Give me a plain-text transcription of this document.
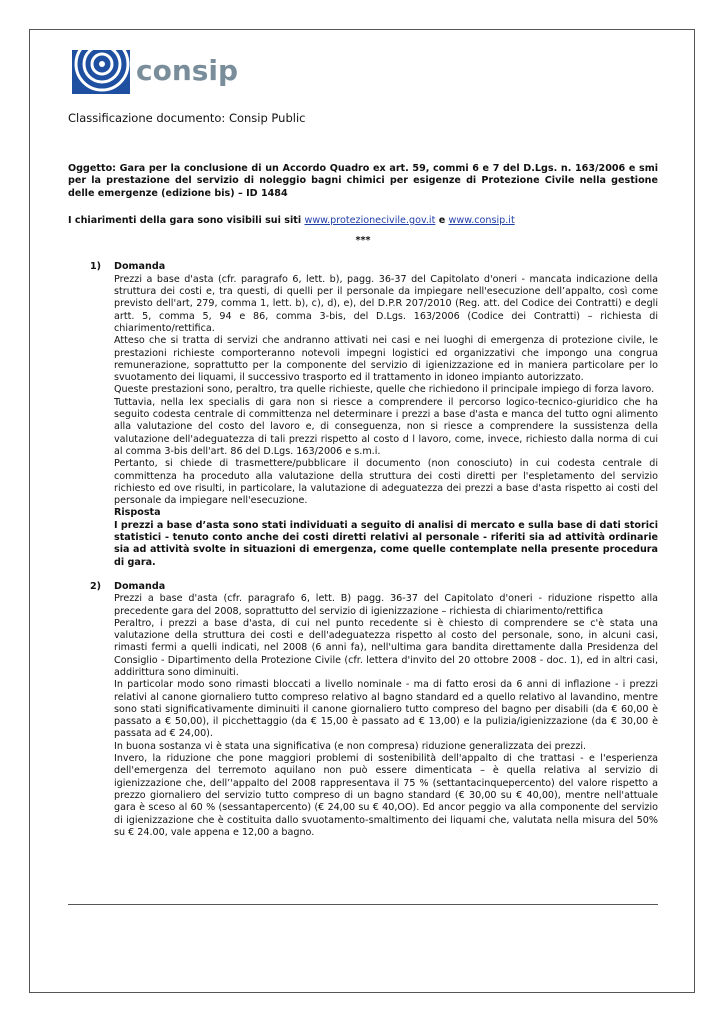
consip
Classificazione documento: Consip Public

Oggetto: Gara per la conclusione di un Accordo Quadro ex art. 59, commi 6 e 7 del D.Lgs. n. 163/2006 e smi per la prestazione del servizio di noleggio bagni chimici per esigenze di Protezione Civile nella gestione delle emergenze (edizione bis) – ID 1484

I chiarimenti della gara sono visibili sui siti www.protezionecivile.gov.it e www.consip.it

***

1) Domanda

Prezzi a base d'asta (cfr. paragrafo 6, lett. b), pagg. 36-37 del Capitolato d'oneri - mancata indicazione della struttura dei costi e, tra questi, di quelli per il personale da impiegare nell'esecuzione dell’appalto, così come previsto dell'art, 279, comma 1, lett. b), c), d), e), del D.P.R 207/2010 (Reg. att. del Codice dei Contratti) e degli artt. 5, comma 5, 94 e 86, comma 3-bis, del D.Lgs. 163/2006 (Codice dei Contratti) – richiesta di chiarimento/rettifica.

Atteso che si tratta di servizi che andranno attivati nei casi e nei luoghi di emergenza di protezione civile, le prestazioni richieste comporteranno notevoli impegni logistici ed organizzativi che impongo una congrua remunerazione, soprattutto per la componente del servizio di igienizzazione ed in maniera particolare per lo svuotamento dei liquami, il successivo trasporto ed il trattamento in idoneo impianto autorizzato.

Queste prestazioni sono, peraltro, tra quelle richieste, quelle che richiedono il principale impiego di forza lavoro.

Tuttavia, nella lex specialis di gara non si riesce a comprendere il percorso logico-tecnico-giuridico che ha seguito codesta centrale di committenza nel determinare i prezzi a base d'asta e manca del tutto ogni alimento alla valutazione del costo del lavoro e, di conseguenza, non si riesce a comprendere la sussistenza della valutazione dell'adeguatezza di tali prezzi rispetto al costo d l lavoro, come, invece, richiesto dalla norma di cui al comma 3-bis dell'art. 86 del D.Lgs. 163/2006 e s.m.i.

Pertanto, si chiede di trasmettere/pubblicare il documento (non conosciuto) in cui codesta centrale di committenza ha proceduto alla valutazione della struttura dei costi diretti per l'espletamento del servizio richiesto ed ove risulti, in particolare, la valutazione di adeguatezza dei prezzi a base d'asta rispetto ai costi del personale da impiegare nell'esecuzione.

Risposta

I prezzi a base d’asta sono stati individuati a seguito di analisi di mercato e sulla base di dati storici statistici - tenuto conto anche dei costi diretti relativi al personale - riferiti sia ad attività ordinarie sia ad attività svolte in situazioni di emergenza, come quelle contemplate nella presente procedura di gara.

2) Domanda

Prezzi a base d'asta (cfr. paragrafo 6, lett. B) pagg. 36-37 del Capitolato d'oneri - riduzione rispetto alla precedente gara del 2008, soprattutto del servizio di igienizzazione – richiesta di chiarimento/rettifica

Peraltro, i prezzi a base d'asta, di cui nel punto recedente si è chiesto di comprendere se c'è stata una valutazione della struttura dei costi e dell'adeguatezza rispetto al costo del personale, sono, in alcuni casi, rimasti fermi a quelli indicati, nel 2008 (6 anni fa), nell'ultima gara bandita direttamente dalla Presidenza del Consiglio - Dipartimento della Protezione Civile (cfr. lettera d'invito del 20 ottobre 2008 - doc. 1), ed in altri casi, addirittura sono diminuiti.

In particolar modo sono rimasti bloccati a livello nominale - ma di fatto erosi da 6 anni di inflazione - i prezzi relativi al canone giornaliero tutto compreso relativo al bagno standard ed a quello relativo al lavandino, mentre sono stati significativamente diminuiti il canone giornaliero tutto compreso del bagno per disabili (da € 60,00 è passato a € 50,00), il picchettaggio (da € 15,00 è passato ad € 13,00) e la pulizia/igienizzazione (da € 30,00 è passata ad € 24,00).

In buona sostanza vi è stata una significativa (e non compresa) riduzione generalizzata dei prezzi.

Invero, la riduzione che pone maggiori problemi di sostenibilità dell'appalto di che trattasi - e l'esperienza dell'emergenza del terremoto aquilano non può essere dimenticata – è quella relativa al servizio di igienizzazione che, dell’'appalto del 2008 rappresentava il 75 % (settantacinquepercento) del valore rispetto a prezzo giornaliero del servizio tutto compreso di un bagno standard (€ 30,00 su € 40,00), mentre nell'attuale gara è sceso al 60 % (sessantapercento) (€ 24,00 su € 40,OO). Ed ancor peggio va alla componente del servizio di igienizzazione che è costituita dallo svuotamento-smaltimento dei liquami che, valutata nella misura del 50% su € 24.00, vale appena e 12,00 a bagno.
